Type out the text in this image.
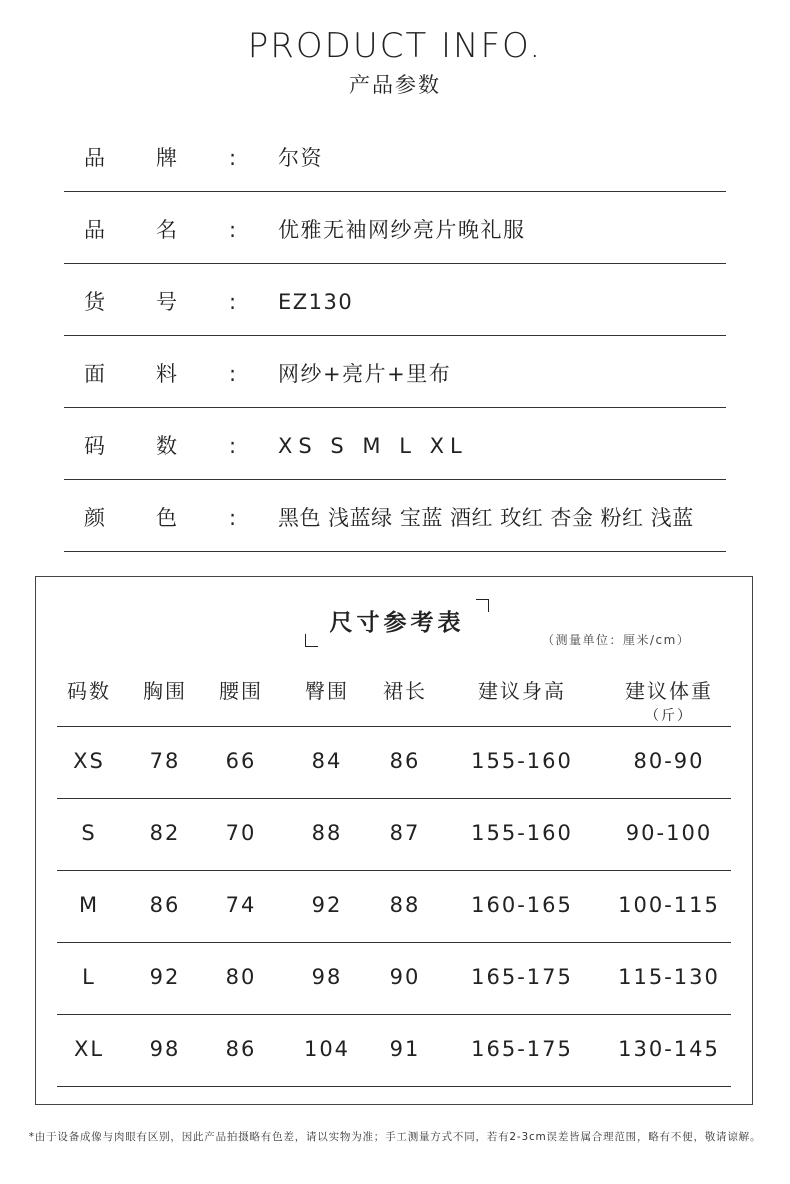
PRODUCT INFO.
产品参数
品 牌 : 尔资
品 名 : 优雅无袖网纱亮片晚礼服
货 号 : EZ130
面 料 : 网纱+亮片+里布
码 数 : XS S M L XL
颜 色 : 黑色 浅蓝绿 宝蓝 酒红 玫红 杏金 粉红 浅蓝
尺寸参考表
（测量单位：厘米/cm）
码数	胸围	腰围	臀围	裙长	建议身高	建议体重
（斤）
XS	78	66	84	86	155-160	80-90
S	82	70	88	87	155-160	90-100
M	86	74	92	88	160-165	100-115
L	92	80	98	90	165-175	115-130
XL	98	86	104	91	165-175	130-145
*由于设备成像与肉眼有区别，因此产品拍摄略有色差，请以实物为准；手工测量方式不同，若有2-3cm误差皆属合理范围，略有不便，敬请谅解。
